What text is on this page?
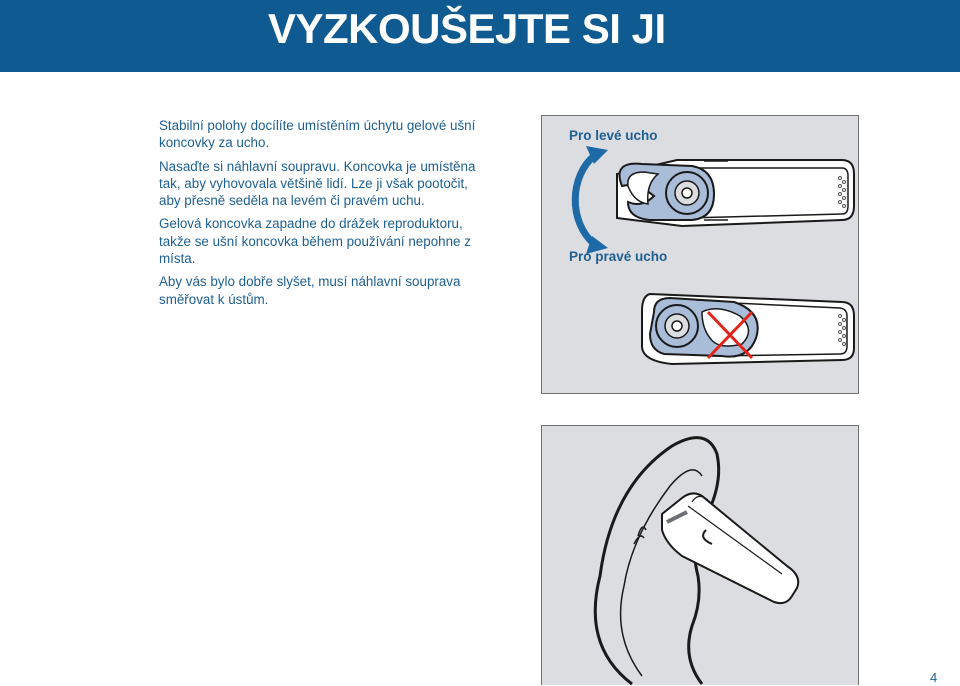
VYZKOUŠEJTE SI JI

Stabilní polohy docílíte umístěním úchytu gelové ušní koncovky za ucho.

Nasaďte si náhlavní soupravu. Koncovka je umístěna tak, aby vyhovovala většině lidí. Lze ji však pootočit, aby přesně seděla na levém či pravém uchu.

Gelová koncovka zapadne do drážek reproduktoru, takže se ušní koncovka během používání nepohne z místa.

Aby vás bylo dobře slyšet, musí náhlavní souprava směřovat k ústům.

Pro levé ucho
Pro pravé ucho
4
